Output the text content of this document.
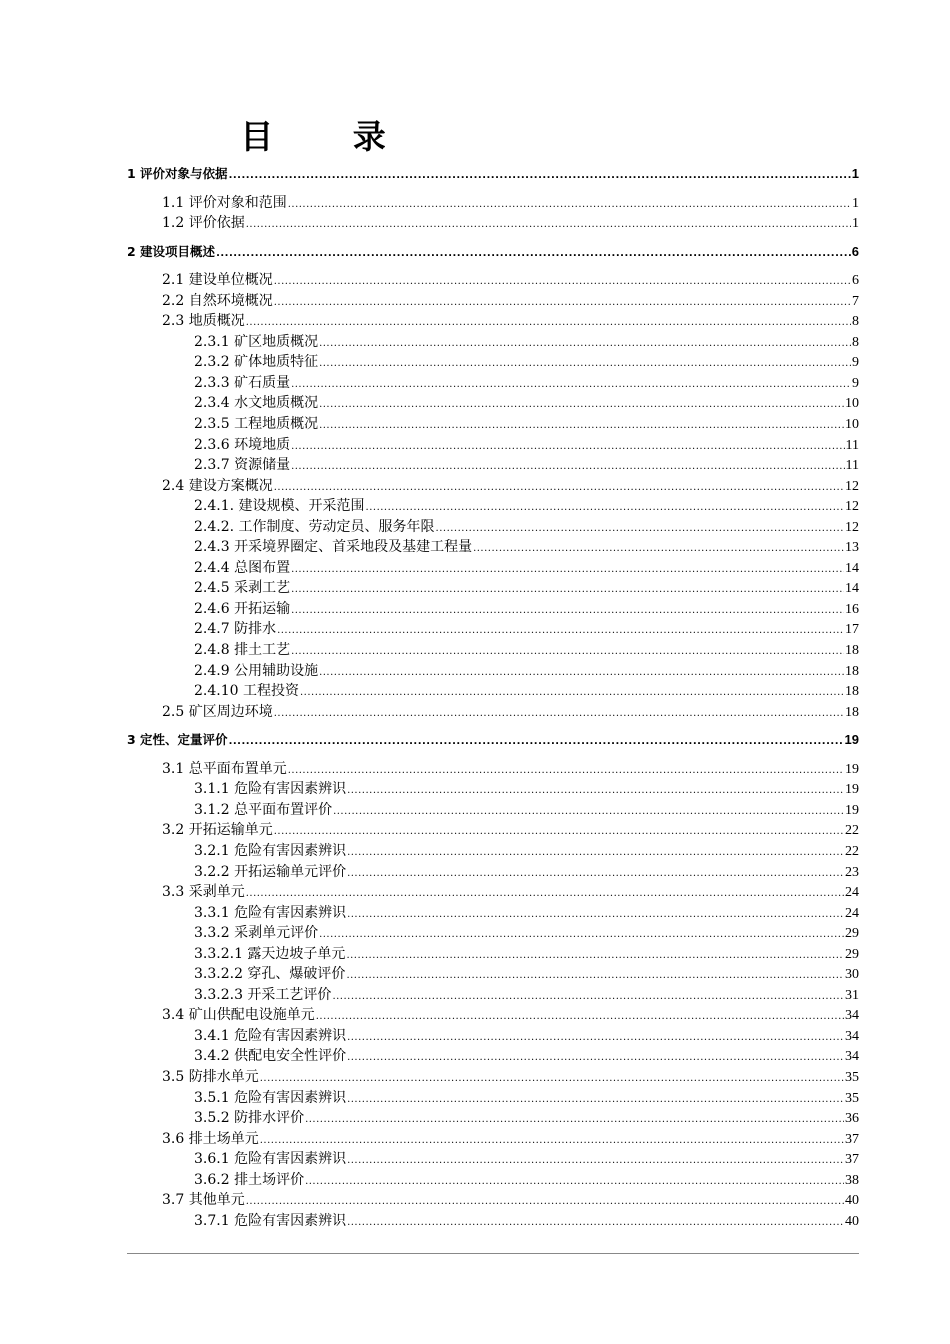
目 录
1 评价对象与依据 .....	1
1.1 评价对象和范围 .....	1
1.2 评价依据 .....	1
2 建设项目概述 .....	6
2.1 建设单位概况 .....	6
2.2 自然环境概况 .....	7
2.3 地质概况 .....	8
2.3.1 矿区地质概况 .....	8
2.3.2 矿体地质特征 .....	9
2.3.3 矿石质量 .....	9
2.3.4 水文地质概况 .....	10
2.3.5 工程地质概况 .....	10
2.3.6 环境地质 .....	11
2.3.7 资源储量 .....	11
2.4 建设方案概况 .....	12
2.4.1. 建设规模、开采范围 .....	12
2.4.2. 工作制度、劳动定员、服务年限 .....	12
2.4.3 开采境界圈定、首采地段及基建工程量 .....	13
2.4.4 总图布置 .....	14
2.4.5 采剥工艺 .....	14
2.4.6 开拓运输 .....	16
2.4.7 防排水 .....	17
2.4.8 排土工艺 .....	18
2.4.9 公用辅助设施 .....	18
2.4.10 工程投资 .....	18
2.5 矿区周边环境 .....	18
3 定性、定量评价 .....	19
3.1 总平面布置单元 .....	19
3.1.1 危险有害因素辨识 .....	19
3.1.2 总平面布置评价 .....	19
3.2 开拓运输单元 .....	22
3.2.1 危险有害因素辨识 .....	22
3.2.2 开拓运输单元评价 .....	23
3.3 采剥单元 .....	24
3.3.1 危险有害因素辨识 .....	24
3.3.2 采剥单元评价 .....	29
3.3.2.1 露天边坡子单元 .....	29
3.3.2.2 穿孔、爆破评价 .....	30
3.3.2.3 开采工艺评价 .....	31
3.4 矿山供配电设施单元 .....	34
3.4.1 危险有害因素辨识 .....	34
3.4.2 供配电安全性评价 .....	34
3.5 防排水单元 .....	35
3.5.1 危险有害因素辨识 .....	35
3.5.2 防排水评价 .....	36
3.6 排土场单元 .....	37
3.6.1 危险有害因素辨识 .....	37
3.6.2 排土场评价 .....	38
3.7 其他单元 .....	40
3.7.1 危险有害因素辨识 .....	40
